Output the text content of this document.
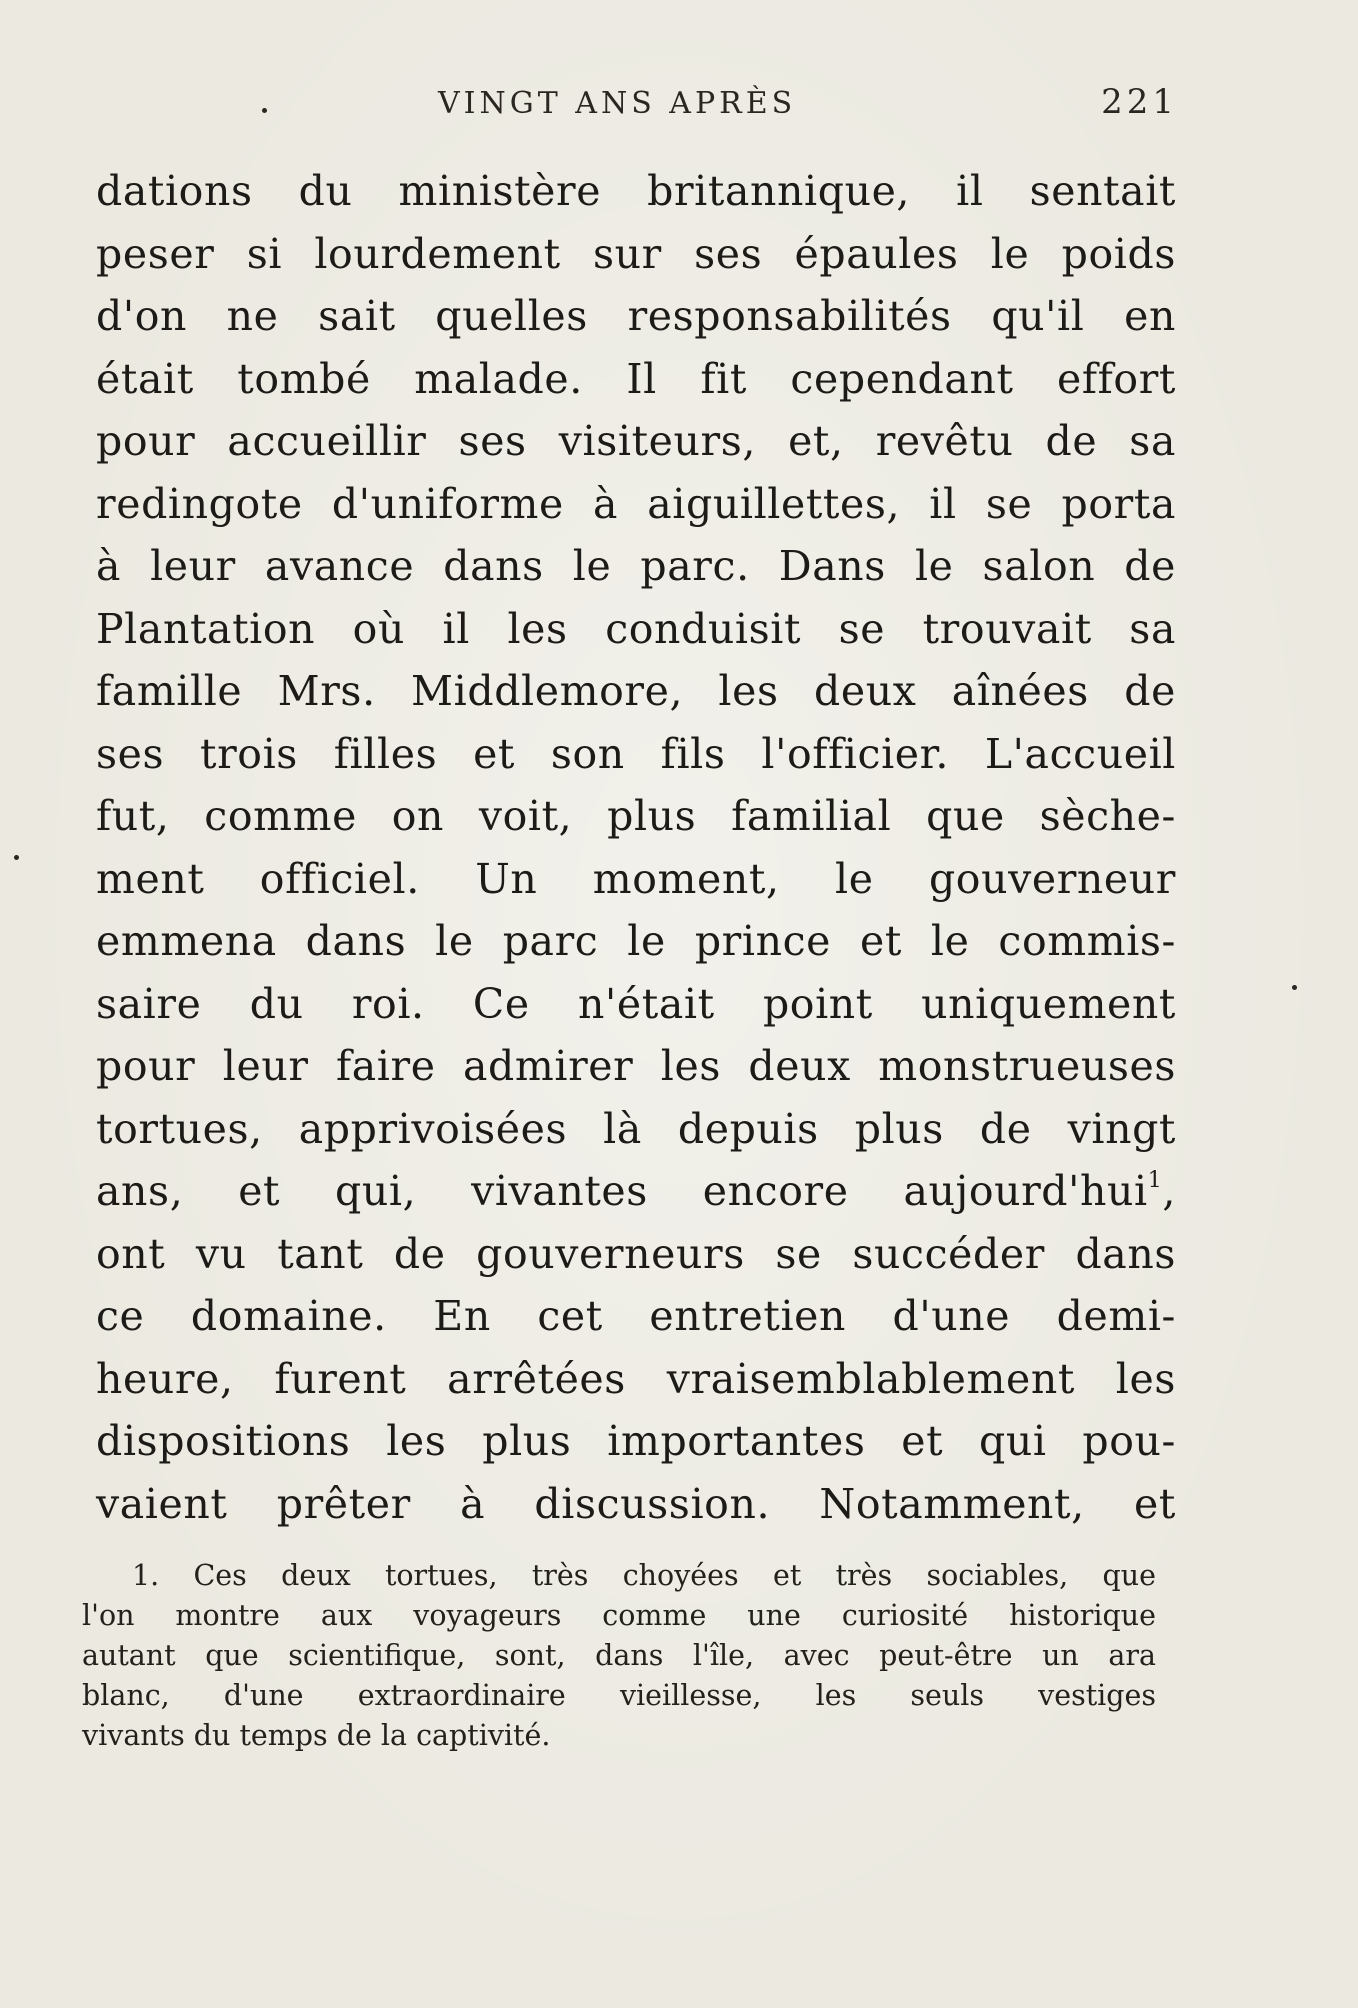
VINGT ANS APRÈS	221
dations du ministère britannique, il sentait
peser si lourdement sur ses épaules le poids
d'on ne sait quelles responsabilités qu'il en
était tombé malade. Il fit cependant effort
pour accueillir ses visiteurs, et, revêtu de sa
redingote d'uniforme à aiguillettes, il se porta
à leur avance dans le parc. Dans le salon de
Plantation où il les conduisit se trouvait sa
famille Mrs. Middlemore, les deux aînées de
ses trois filles et son fils l'officier. L'accueil
fut, comme on voit, plus familial que sèche-
ment officiel. Un moment, le gouverneur
emmena dans le parc le prince et le commis-
saire du roi. Ce n'était point uniquement
pour leur faire admirer les deux monstrueuses
tortues, apprivoisées là depuis plus de vingt
ans, et qui, vivantes encore aujourd'hui$^1$,
ont vu tant de gouverneurs se succéder dans
ce domaine. En cet entretien d'une demi-
heure, furent arrêtées vraisemblablement les
dispositions les plus importantes et qui pou-
vaient prêter à discussion. Notamment, et
1. Ces deux tortues, très choyées et très sociables, que
l'on montre aux voyageurs comme une curiosité historique
autant que scientifique, sont, dans l'île, avec peut-être un ara
blanc, d'une extraordinaire vieillesse, les seuls vestiges
vivants du temps de la captivité.
